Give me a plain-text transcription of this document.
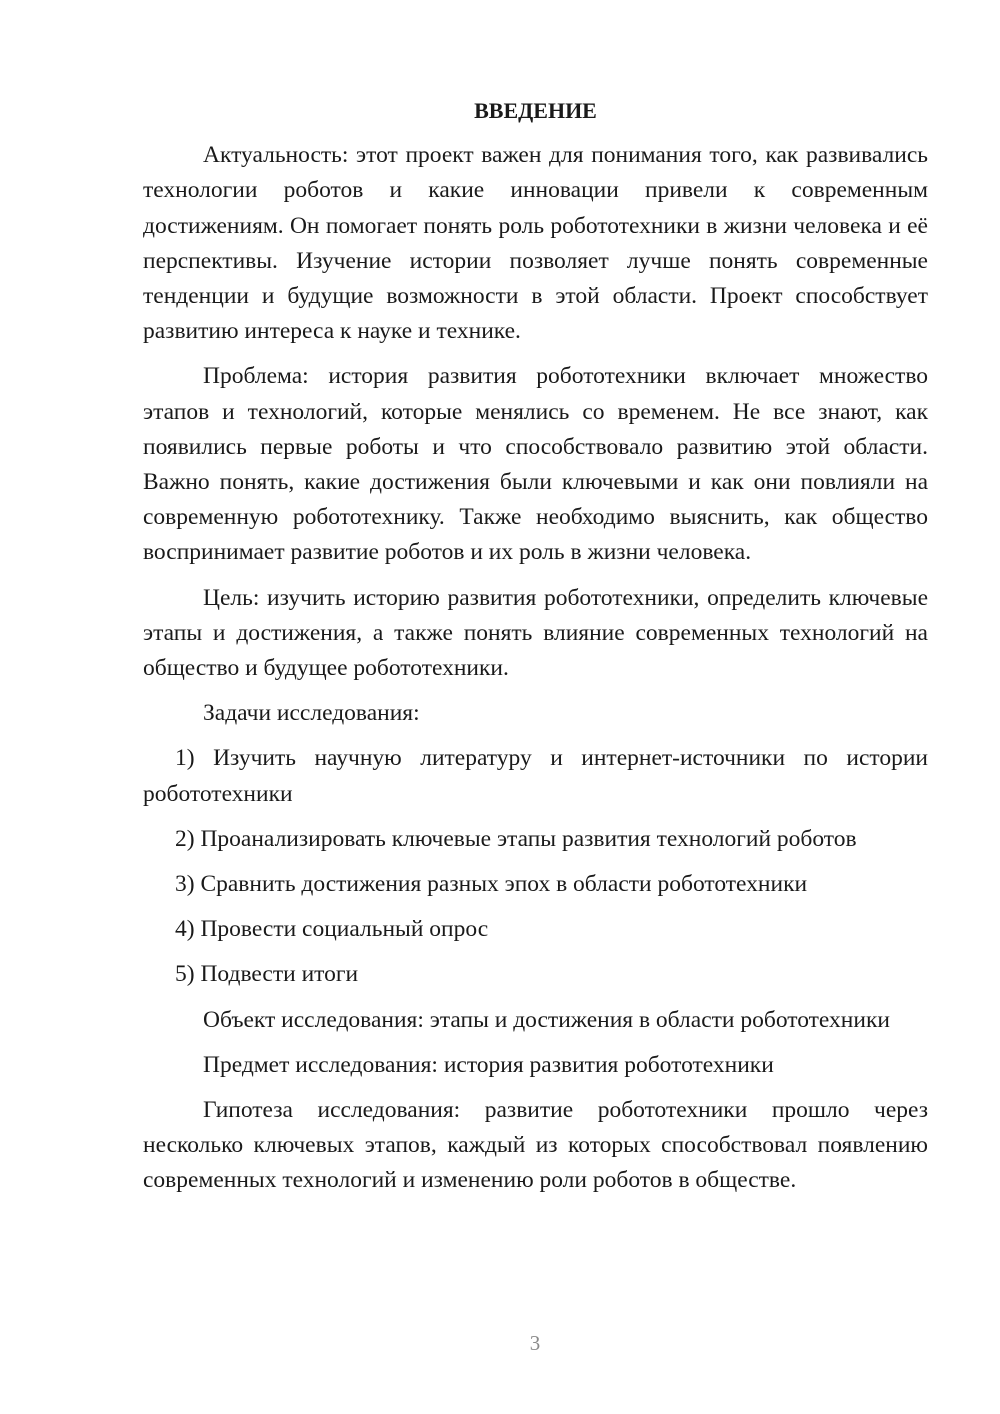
ВВЕДЕНИЕ

Актуальность: этот проект важен для понимания того, как развивались технологии роботов и какие инновации привели к современным достижениям. Он помогает понять роль робототехники в жизни человека и её перспективы. Изучение истории позволяет лучше понять современные тенденции и будущие возможности в этой области. Проект способствует развитию интереса к науке и технике.

Проблема: история развития робототехники включает множество этапов и технологий, которые менялись со временем. Не все знают, как появились первые роботы и что способствовало развитию этой области. Важно понять, какие достижения были ключевыми и как они повлияли на современную робототехнику. Также необходимо выяснить, как общество воспринимает развитие роботов и их роль в жизни человека.

Цель: изучить историю развития робототехники, определить ключевые этапы и достижения, а также понять влияние современных технологий на общество и будущее робототехники.

Задачи исследования:

1) Изучить научную литературу и интернет-источники по истории робототехники

2) Проанализировать ключевые этапы развития технологий роботов

3) Сравнить достижения разных эпох в области робототехники

4) Провести социальный опрос

5) Подвести итоги

Объект исследования: этапы и достижения в области робототехники

Предмет исследования: история развития робототехники

Гипотеза исследования: развитие робототехники прошло через несколько ключевых этапов, каждый из которых способствовал появлению современных технологий и изменению роли роботов в обществе.

3
